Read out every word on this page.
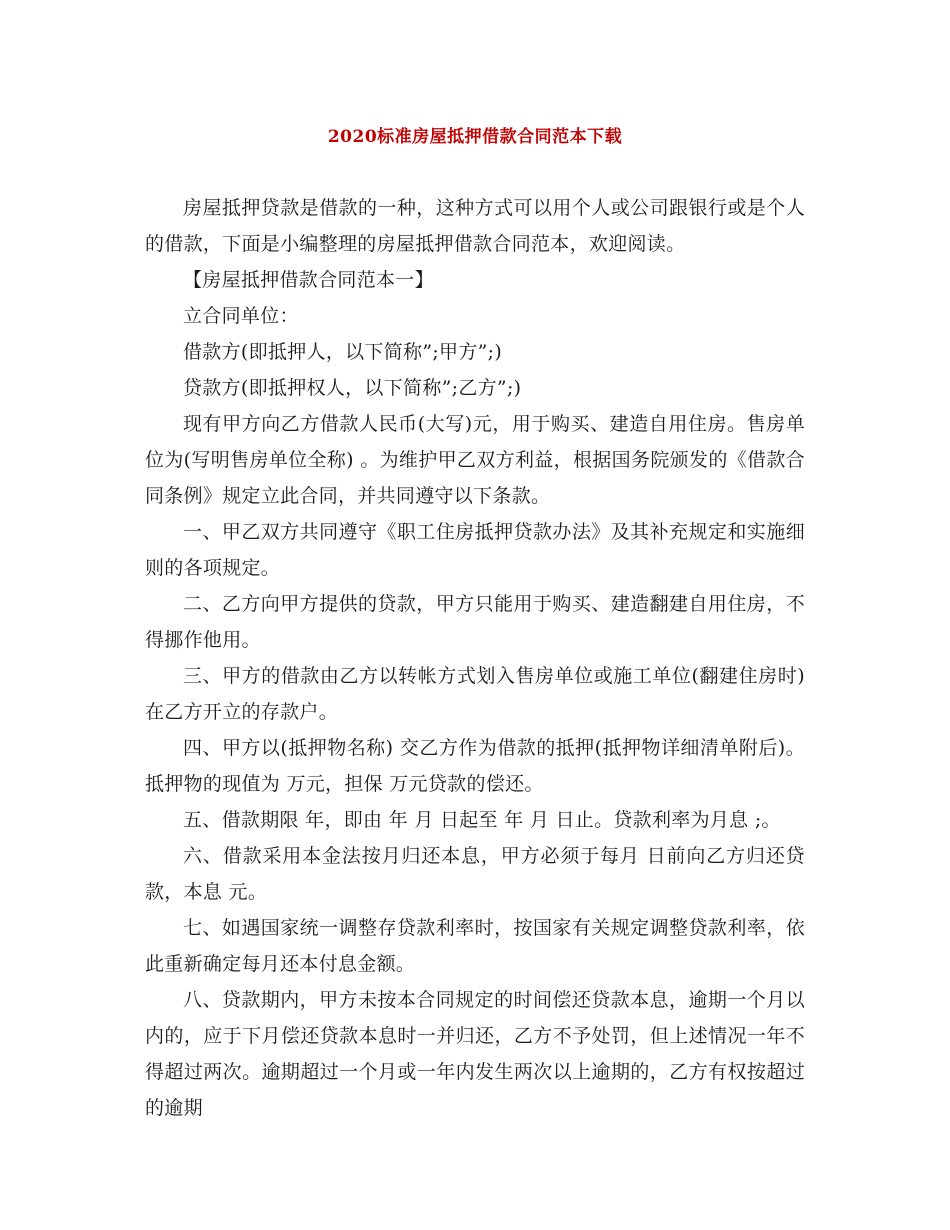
2020标准房屋抵押借款合同范本下载

房屋抵押贷款是借款的一种，这种方式可以用个人或公司跟银行或是个人的借款，下面是小编整理的房屋抵押借款合同范本，欢迎阅读。

【房屋抵押借款合同范本一】

立合同单位：

借款方(即抵押人，以下简称”;甲方”;)

贷款方(即抵押权人，以下简称”;乙方”;)

现有甲方向乙方借款人民币(大写)元，用于购买、建造自用住房。售房单位为(写明售房单位全称) 。为维护甲乙双方利益，根据国务院颁发的《借款合同条例》规定立此合同，并共同遵守以下条款。

一、甲乙双方共同遵守《职工住房抵押贷款办法》及其补充规定和实施细则的各项规定。

二、乙方向甲方提供的贷款，甲方只能用于购买、建造翻建自用住房，不得挪作他用。

三、甲方的借款由乙方以转帐方式划入售房单位或施工单位(翻建住房时)在乙方开立的存款户。

四、甲方以(抵押物名称) 交乙方作为借款的抵押(抵押物详细清单附后)。抵押物的现值为 万元，担保 万元贷款的偿还。

五、借款期限 年，即由 年 月 日起至 年 月 日止。贷款利率为月息 ;。

六、借款采用本金法按月归还本息，甲方必须于每月 日前向乙方归还贷款，本息 元。

七、如遇国家统一调整存贷款利率时，按国家有关规定调整贷款利率，依此重新确定每月还本付息金额。

八、贷款期内，甲方未按本合同规定的时间偿还贷款本息，逾期一个月以内的，应于下月偿还贷款本息时一并归还，乙方不予处罚，但上述情况一年不得超过两次。逾期超过一个月或一年内发生两次以上逾期的，乙方有权按超过的逾期
